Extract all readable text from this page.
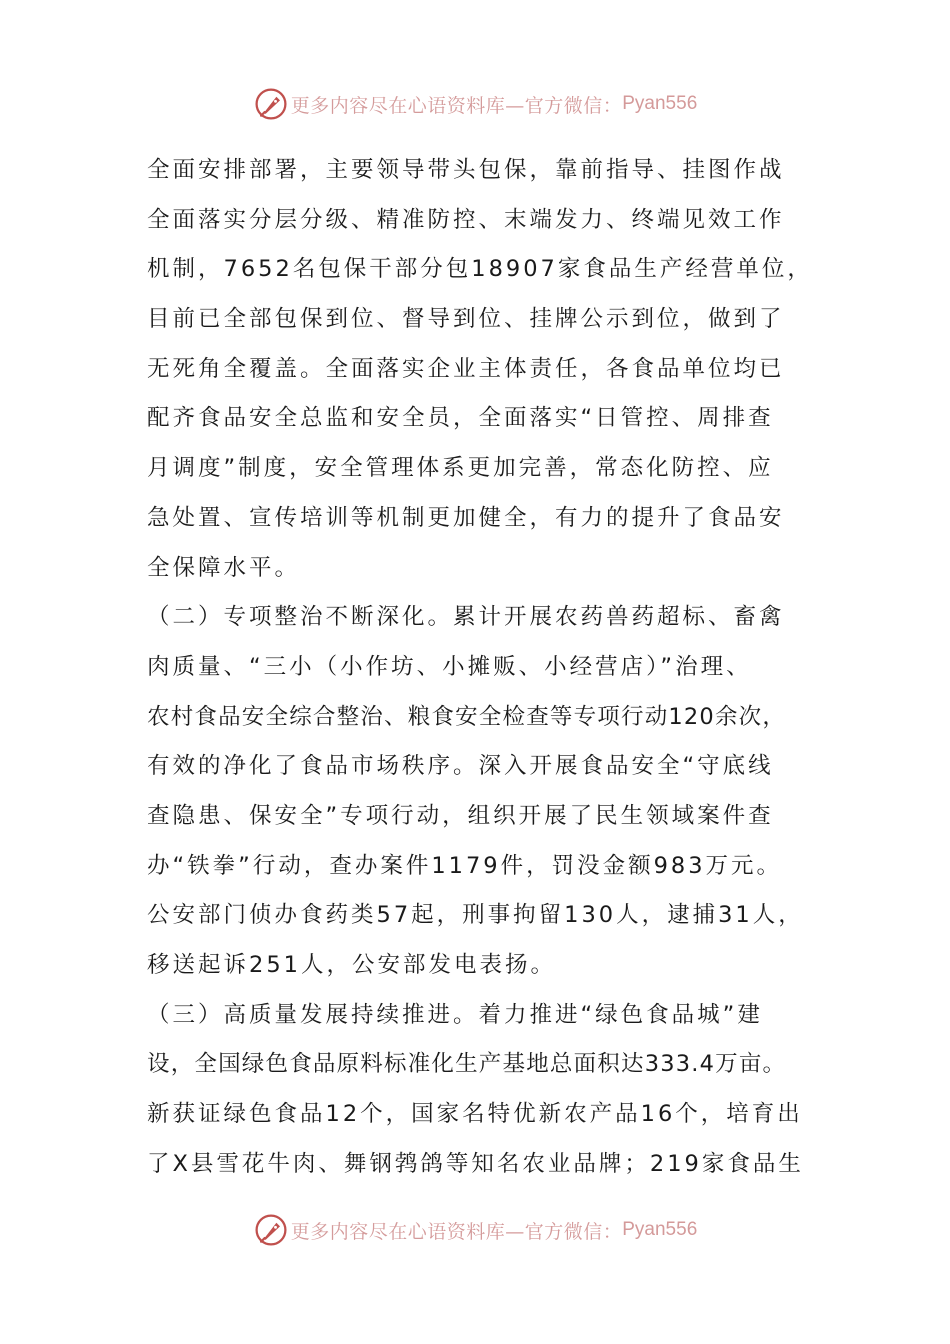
更多内容尽在心语资料库—官方微信： Pyan556
全面安排部署，主要领导带头包保，靠前指导、挂图作战
全面落实分层分级、精准防控、末端发力、终端见效工作
机制，7652名包保干部分包18907家食品生产经营单位，
目前已全部包保到位、督导到位、挂牌公示到位，做到了
无死角全覆盖。全面落实企业主体责任，各食品单位均已
配齐食品安全总监和安全员，全面落实“日管控、周排查
月调度”制度，安全管理体系更加完善，常态化防控、应
急处置、宣传培训等机制更加健全，有力的提升了食品安
全保障水平。
（二）专项整治不断深化。累计开展农药兽药超标、畜禽
肉质量、“三小（小作坊、小摊贩、小经营店）”治理、
农村食品安全综合整治、粮食安全检查等专项行动120余次，
有效的净化了食品市场秩序。深入开展食品安全“守底线
查隐患、保安全”专项行动，组织开展了民生领域案件查
办“铁拳”行动，查办案件1179件，罚没金额983万元。
公安部门侦办食药类57起，刑事拘留130人，逮捕31人，
移送起诉251人，公安部发电表扬。
（三）高质量发展持续推进。着力推进“绿色食品城”建
设，全国绿色食品原料标准化生产基地总面积达333.4万亩。
新获证绿色食品12个，国家名特优新农产品16个，培育出
了X县雪花牛肉、舞钢鹁鸽等知名农业品牌；219家食品生
更多内容尽在心语资料库—官方微信： Pyan556
